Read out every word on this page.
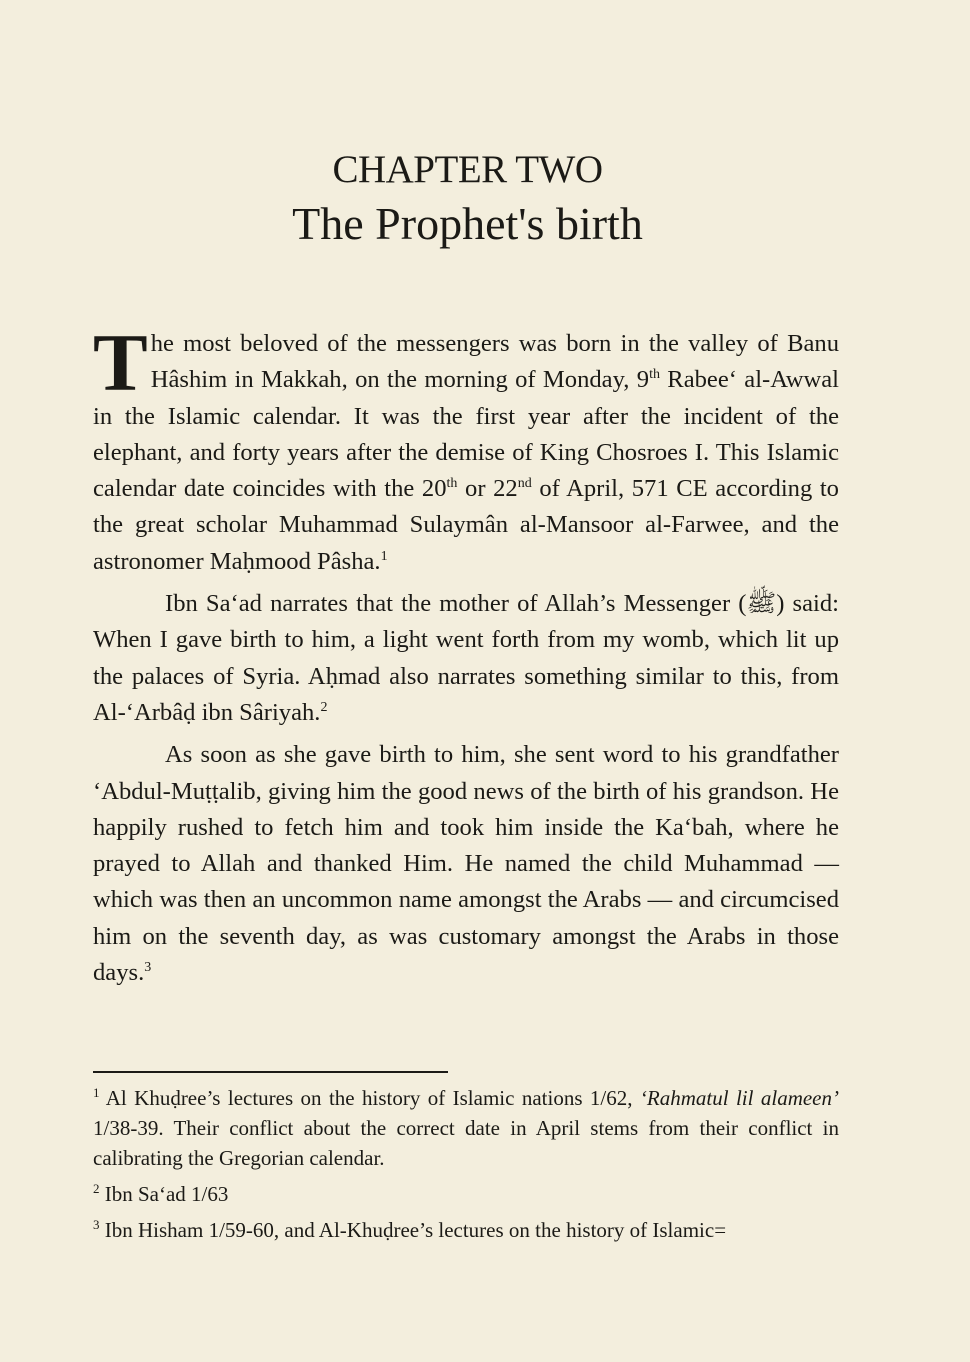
CHAPTER TWO
The Prophet's birth

The most beloved of the messengers was born in the valley of Banu Hâshim in Makkah, on the morning of Monday, 9th Rabee‘ al-Awwal in the Islamic calendar. It was the first year after the incident of the elephant, and forty years after the demise of King Chosroes I. This Islamic calendar date coincides with the 20th or 22nd of April, 571 CE according to the great scholar Muhammad Sulaymân al-Mansoor al-Farwee, and the astronomer Maḥmood Pâsha.$^1$

Ibn Sa‘ad narrates that the mother of Allah’s Messenger (ﷺ) said: When I gave birth to him, a light went forth from my womb, which lit up the palaces of Syria. Aḥmad also narrates something similar to this, from Al-‘Arbâḍ ibn Sâriyah.$^2$

As soon as she gave birth to him, she sent word to his grandfather ‘Abdul-Muṭṭalib, giving him the good news of the birth of his grandson. He happily rushed to fetch him and took him inside the Ka‘bah, where he prayed to Allah and thanked Him. He named the child Muhammad — which was then an uncommon name amongst the Arabs — and circumcised him on the seventh day, as was customary amongst the Arabs in those days.$^3$

$^1$ Al Khuḍree’s lectures on the history of Islamic nations 1/62, ‘Rahmatul lil alameen’ 1/38-39. Their conflict about the correct date in April stems from their conflict in calibrating the Gregorian calendar.
$^2$ Ibn Sa‘ad 1/63
$^3$ Ibn Hisham 1/59-60, and Al-Khuḍree’s lectures on the history of Islamic=
